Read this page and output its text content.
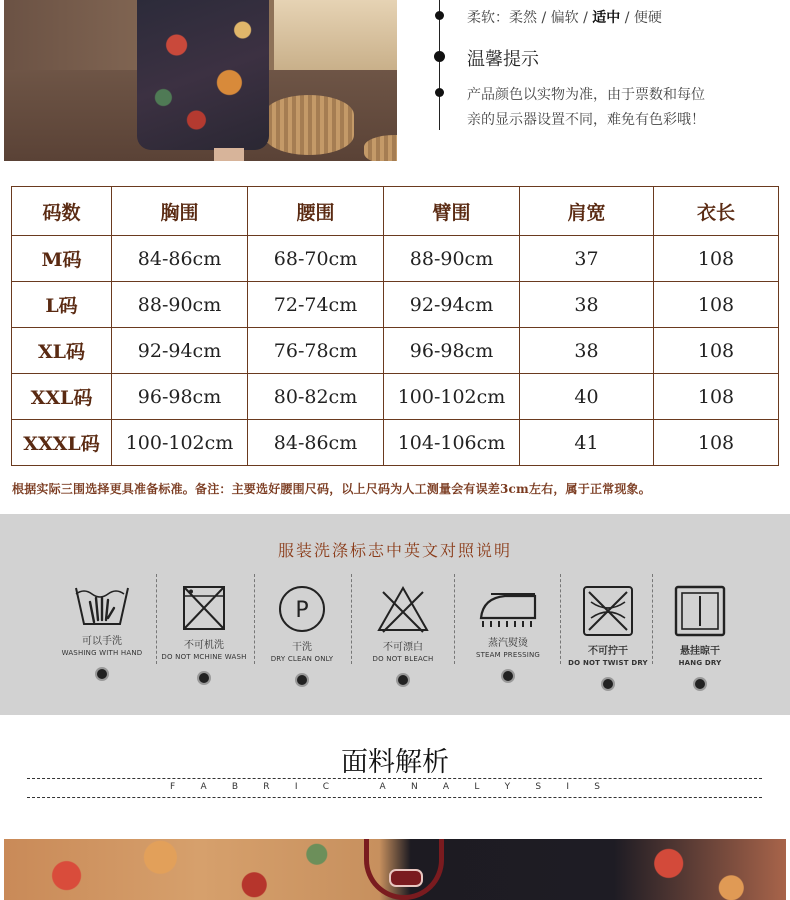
柔软：柔然 / 偏软 / 适中 / 便硬
温馨提示
产品颜色以实物为准，由于票数和每位
亲的显示器设置不同，难免有色彩哦！
码数	胸围	腰围	臂围	肩宽	衣长
M码	84-86cm	68-70cm	88-90cm	37	108
L码	88-90cm	72-74cm	92-94cm	38	108
XL码	92-94cm	76-78cm	96-98cm	38	108
XXL码	96-98cm	80-82cm	100-102cm	40	108
XXXL码	100-102cm	84-86cm	104-106cm	41	108
根据实际三围选择更具准备标准。备注：主要选好腰围尺码，以上尺码为人工测量会有误差3cm左右，属于正常现象。
服装洗涤标志中英文对照说明
可以手洗
WASHING WITH HAND
不可机洗
DO NOT MCHINE WASH
P
干洗
DRY CLEAN ONLY
不可漂白
DO NOT BLEACH
蒸汽熨烫
STEAM PRESSING	不可拧干
DO NOT TWIST DRY
悬挂晾干
HANG DRY
面料解析
F	A	B	R	I	C	A	N	A	L	Y	S	I	S
